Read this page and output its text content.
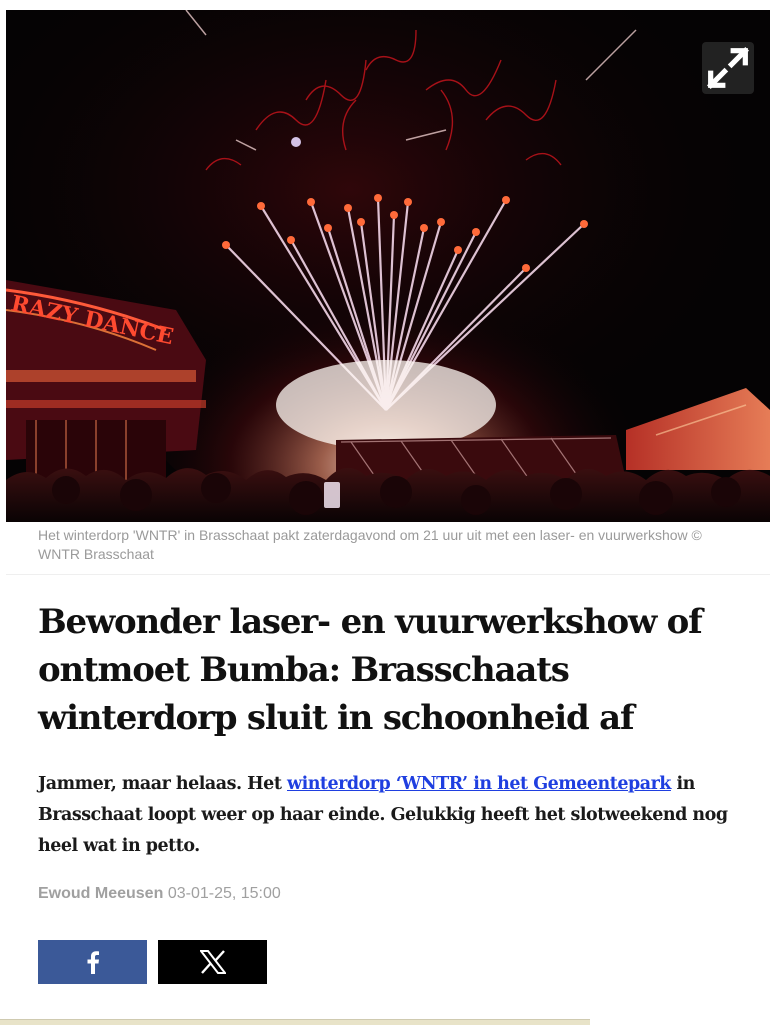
RAZY DANCE

Het winterdorp 'WNTR' in Brasschaat pakt zaterdagavond om 21 uur uit met een laser- en vuurwerkshow © WNTR Brasschaat

Bewonder laser- en vuurwerkshow of ontmoet Bumba: Brasschaats winterdorp sluit in schoonheid af

Jammer, maar helaas. Het winterdorp ‘WNTR’ in het Gemeentepark in Brasschaat loopt weer op haar einde. Gelukkig heeft het slotweekend nog heel wat in petto.

Ewoud Meeusen 03-01-25, 15:00
